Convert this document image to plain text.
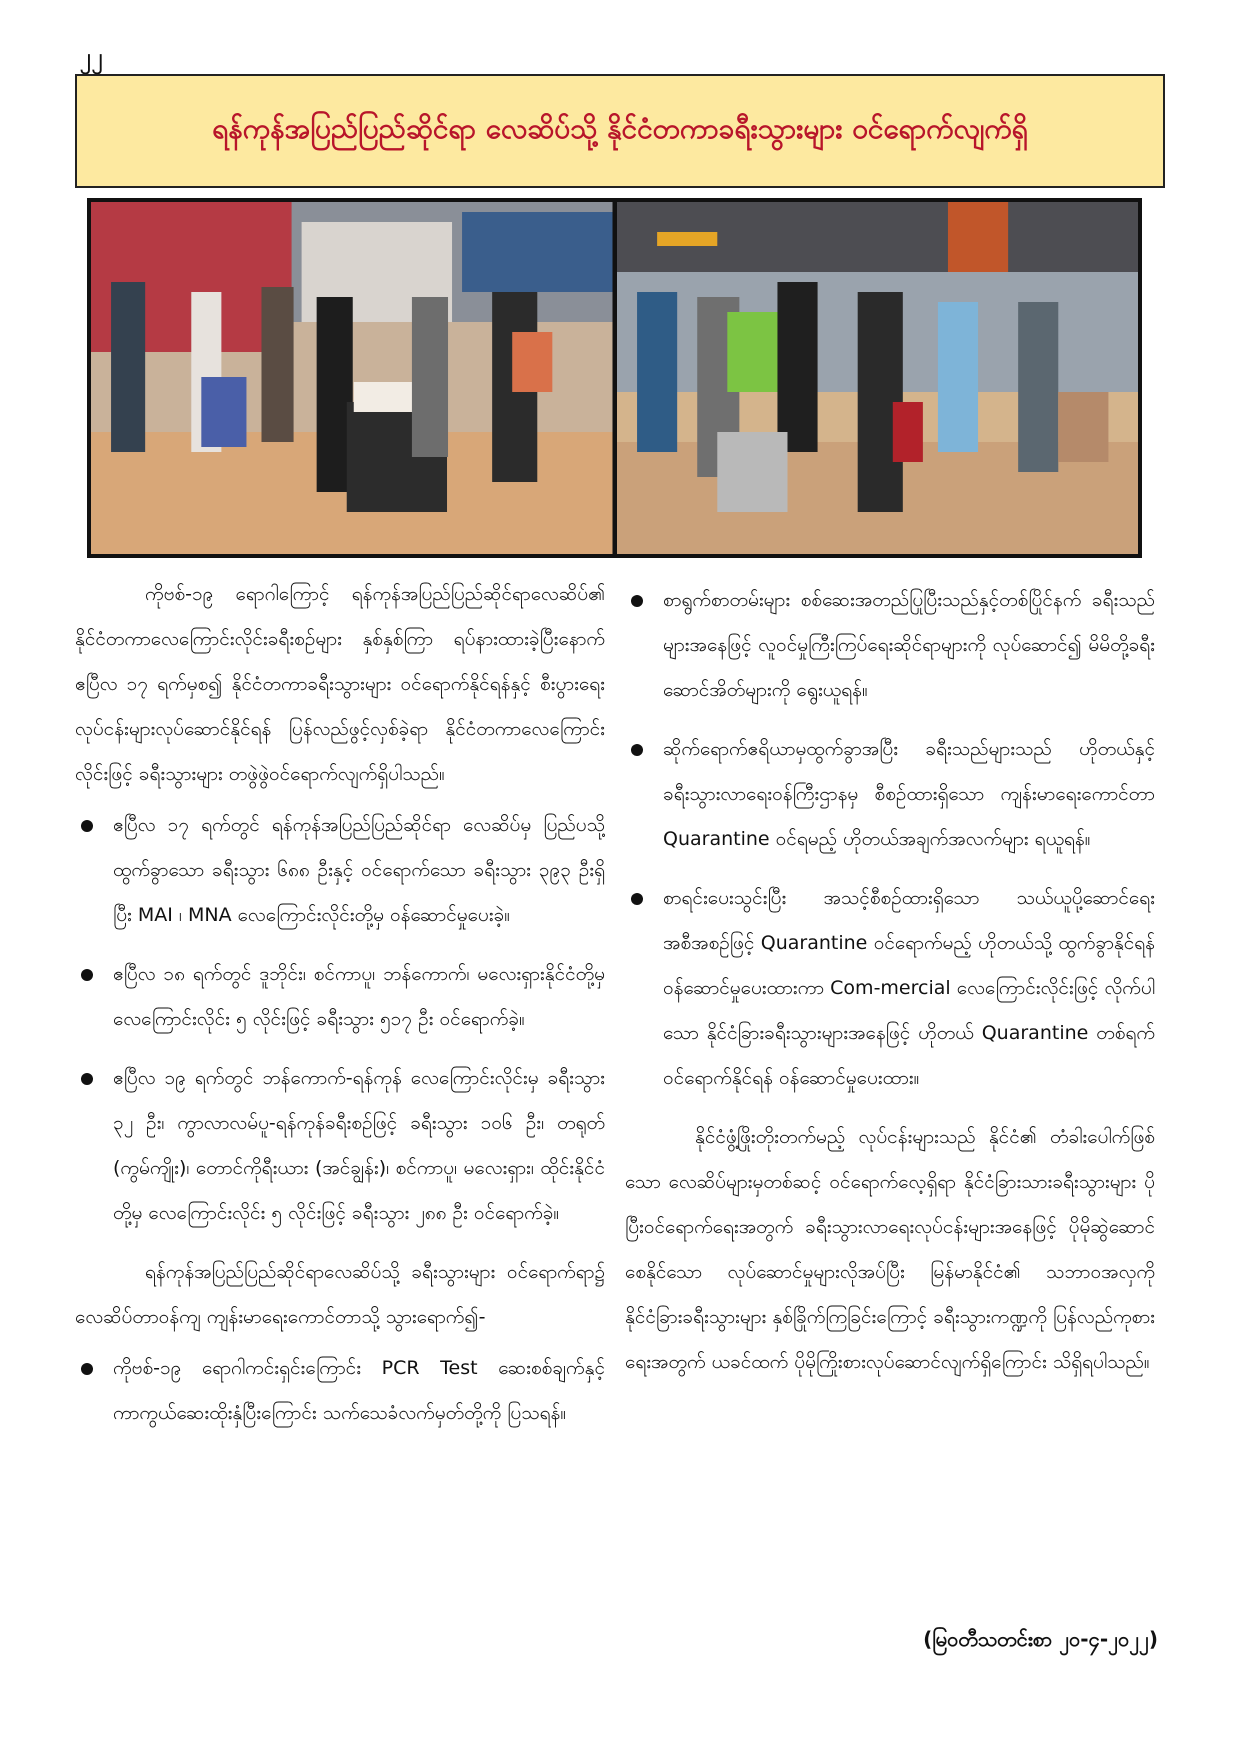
၂၂
ရန်ကုန်အပြည်ပြည်ဆိုင်ရာ လေဆိပ်သို့ နိုင်ငံတကာခရီးသွားများ ဝင်ရောက်လျက်ရှိ

ကိုဗစ်-၁၉ ရောဂါကြောင့် ရန်ကုန်အပြည်ပြည်ဆိုင်ရာလေဆိပ်၏ နိုင်ငံတကာလေကြောင်းလိုင်းခရီးစဉ်များ နှစ်နှစ်ကြာ ရပ်နားထားခဲ့ပြီးနောက် ဧပြီလ ၁၇ ရက်မှစ၍ နိုင်ငံတကာခရီးသွားများ ဝင်ရောက်နိုင်ရန်နှင့် စီးပွားရေးလုပ်ငန်းများလုပ်ဆောင်နိုင်ရန် ပြန်လည်ဖွင့်လှစ်ခဲ့ရာ နိုင်ငံတကာလေကြောင်းလိုင်းဖြင့် ခရီးသွားများ တဖွဲဖွဲဝင်ရောက်လျက်ရှိပါသည်။

ဧပြီလ ၁၇ ရက်တွင် ရန်ကုန်အပြည်ပြည်ဆိုင်ရာ လေဆိပ်မှ ပြည်ပသို့ ထွက်ခွာသော ခရီးသွား ၆၈၈ ဦးနှင့် ဝင်ရောက်သော ခရီးသွား ၃၉၃ ဦးရှိပြီး MAI ၊ MNA လေကြောင်းလိုင်းတို့မှ ဝန်ဆောင်မှုပေးခဲ့။
ဧပြီလ ၁၈ ရက်တွင် ဒူဘိုင်း၊ စင်ကာပူ၊ ဘန်ကောက်၊ မလေးရှားနိုင်ငံတို့မှ လေကြောင်းလိုင်း ၅ လိုင်းဖြင့် ခရီးသွား ၅၁၇ ဦး ဝင်ရောက်ခဲ့။
ဧပြီလ ၁၉ ရက်တွင် ဘန်ကောက်-ရန်ကုန် လေကြောင်းလိုင်းမှ ခရီးသွား ၃၂ ဦး၊ ကွာလာလမ်ပူ-ရန်ကုန်ခရီးစဉ်ဖြင့် ခရီးသွား ၁၀၆ ဦး၊ တရုတ် (ကွမ်ကျိုး)၊ တောင်ကိုရီးယား (အင်ချွန်း)၊ စင်ကာပူ၊ မလေးရှား၊ ထိုင်းနိုင်ငံတို့မှ လေကြောင်းလိုင်း ၅ လိုင်းဖြင့် ခရီးသွား ၂၈၈ ဦး ဝင်ရောက်ခဲ့။

ရန်ကုန်အပြည်ပြည်ဆိုင်ရာလေဆိပ်သို့ ခရီးသွားများ ဝင်ရောက်ရာ၌ လေဆိပ်တာဝန်ကျ ကျန်းမာရေးကောင်တာသို့ သွားရောက်၍-

ကိုဗစ်-၁၉ ရောဂါကင်းရှင်းကြောင်း PCR Test ဆေးစစ်ချက်နှင့် ကာကွယ်ဆေးထိုးနှံပြီးကြောင်း သက်သေခံလက်မှတ်တို့ကို ပြသရန်။
စာရွက်စာတမ်းများ စစ်ဆေးအတည်ပြုပြီးသည်နှင့်တစ်ပြိုင်နက် ခရီးသည်များအနေဖြင့် လူဝင်မှုကြီးကြပ်ရေးဆိုင်ရာများကို လုပ်ဆောင်၍ မိမိတို့ခရီးဆောင်အိတ်များကို ရွေးယူရန်။
ဆိုက်ရောက်ဧရိယာမှထွက်ခွာအပြီး ခရီးသည်များသည် ဟိုတယ်နှင့် ခရီးသွားလာရေးဝန်ကြီးဌာနမှ စီစဉ်ထားရှိသော ကျန်းမာရေးကောင်တာ Quarantine ဝင်ရမည့် ဟိုတယ်အချက်အလက်များ ရယူရန်။
စာရင်းပေးသွင်းပြီး အသင့်စီစဉ်ထားရှိသော သယ်ယူပို့ဆောင်ရေးအစီအစဉ်ဖြင့် Quarantine ဝင်ရောက်မည့် ဟိုတယ်သို့ ထွက်ခွာနိုင်ရန် ဝန်ဆောင်မှုပေးထားကာ Com-mercial လေကြောင်းလိုင်းဖြင့် လိုက်ပါသော နိုင်ငံခြားခရီးသွားများအနေဖြင့် ဟိုတယ် Quarantine တစ်ရက်ဝင်ရောက်နိုင်ရန် ဝန်ဆောင်မှုပေးထား။

နိုင်ငံဖွံ့ဖြိုးတိုးတက်မည့် လုပ်ငန်းများသည် နိုင်ငံ၏ တံခါးပေါက်ဖြစ်သော လေဆိပ်များမှတစ်ဆင့် ဝင်ရောက်လေ့ရှိရာ နိုင်ငံခြားသားခရီးသွားများ ပိုပြီးဝင်ရောက်ရေးအတွက် ခရီးသွားလာရေးလုပ်ငန်းများအနေဖြင့် ပိုမိုဆွဲဆောင်စေနိုင်သော လုပ်ဆောင်မှုများလိုအပ်ပြီး မြန်မာနိုင်ငံ၏ သဘာဝအလှကို နိုင်ငံခြားခရီးသွားများ နှစ်ခြိုက်ကြခြင်းကြောင့် ခရီးသွားကဏ္ဍကို ပြန်လည်ကုစားရေးအတွက် ယခင်ထက် ပိုမိုကြိုးစားလုပ်ဆောင်လျက်ရှိကြောင်း သိရှိရပါသည်။

(မြဝတီသတင်းစာ ၂၀-၄-၂၀၂၂)
